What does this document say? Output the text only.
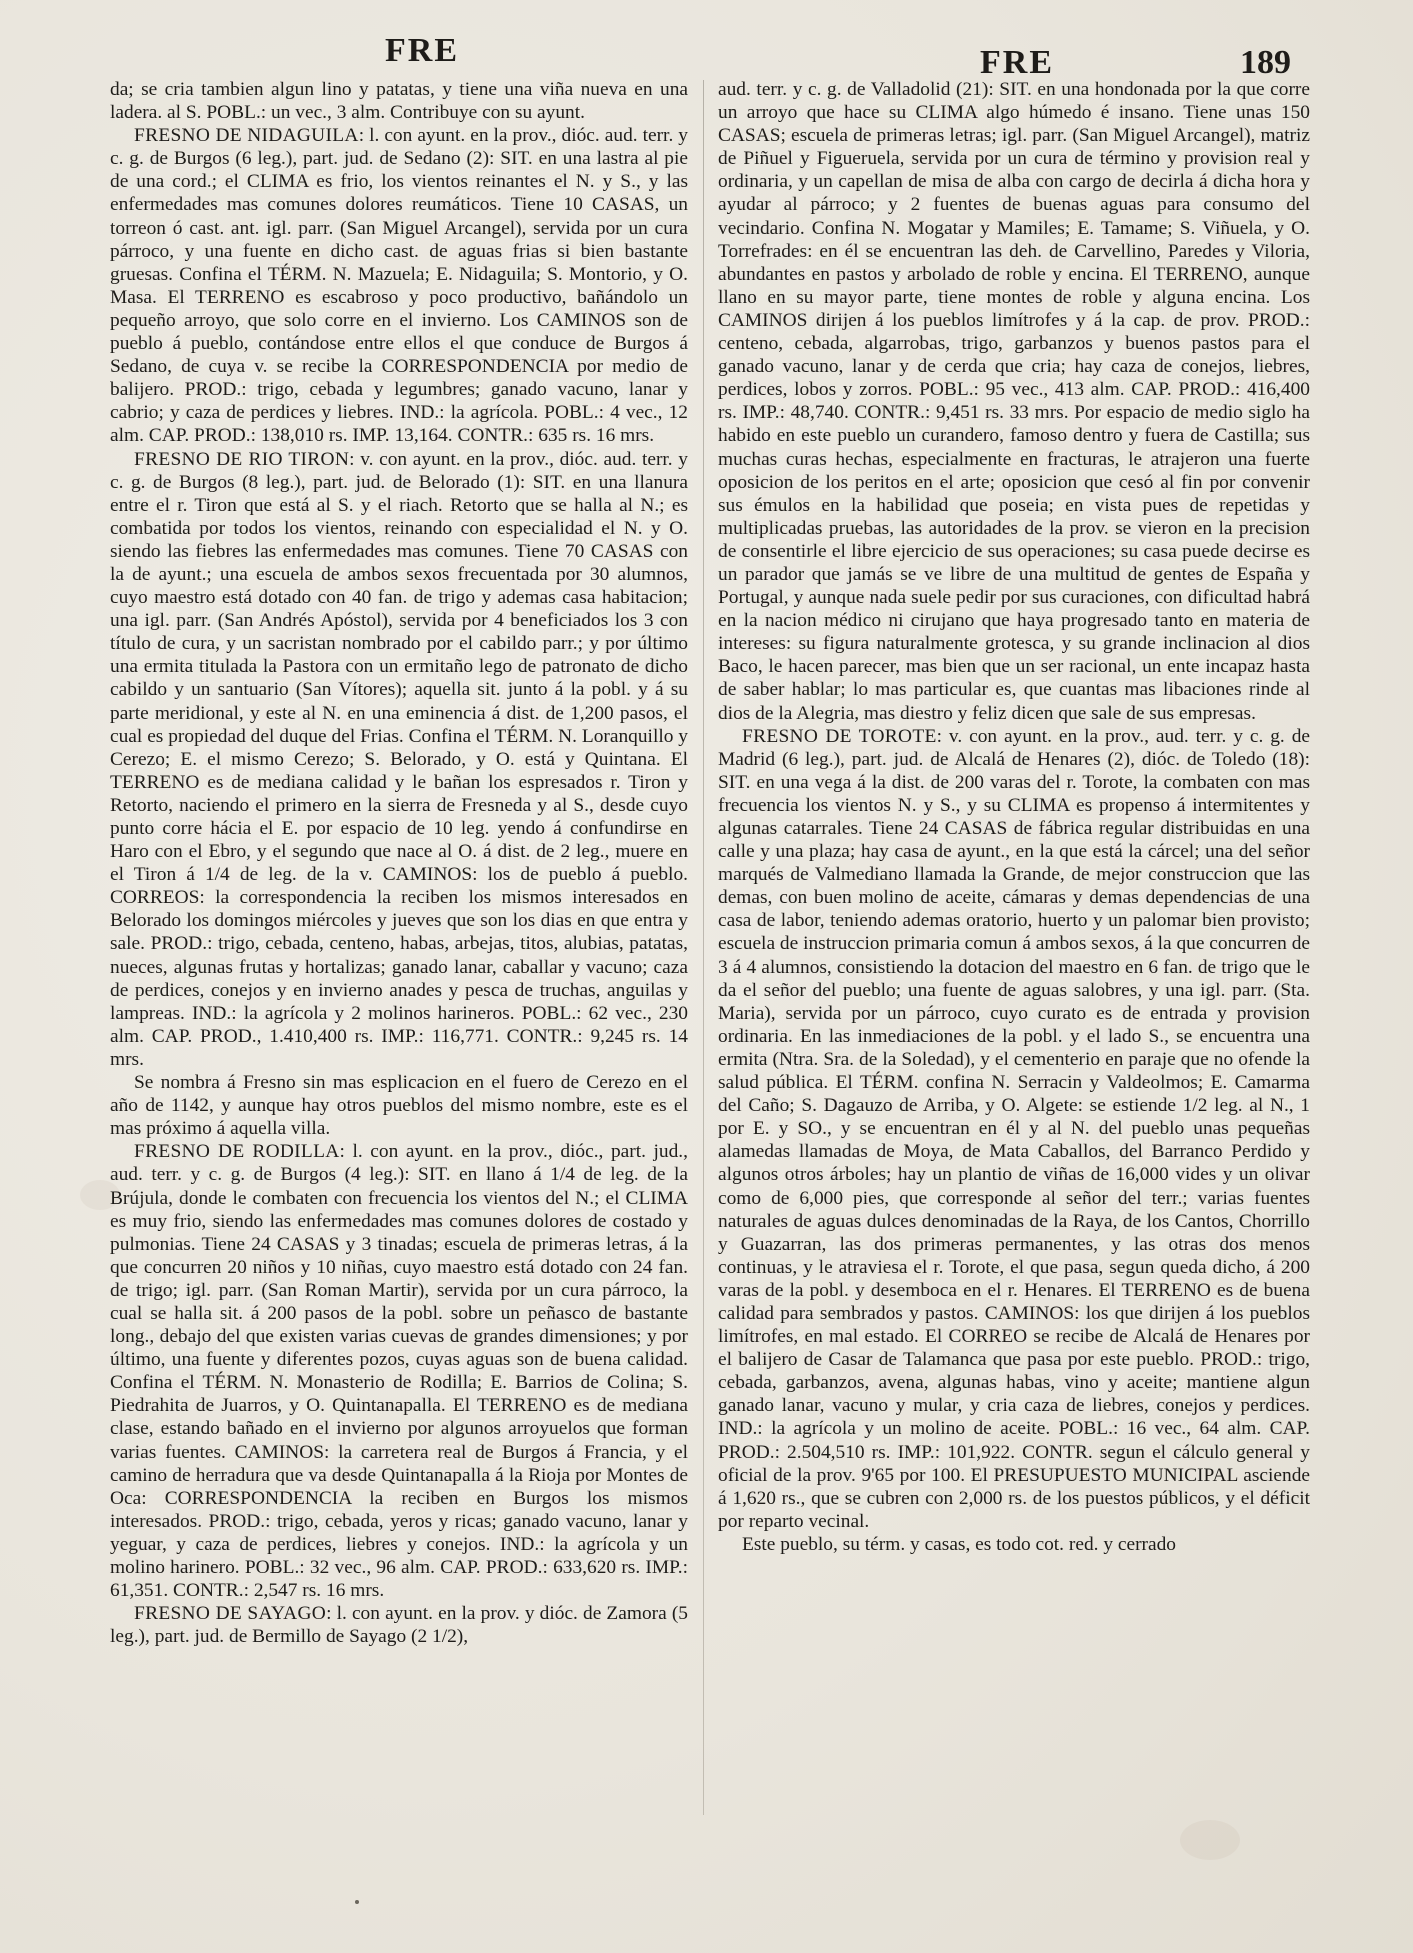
FRE	FRE	189

da; se cria tambien algun lino y patatas, y tiene una viña nueva en una ladera. al S. POBL.: un vec., 3 alm. Contribuye con su ayunt.

FRESNO DE NIDAGUILA: l. con ayunt. en la prov., dióc. aud. terr. y c. g. de Burgos (6 leg.), part. jud. de Sedano (2): SIT. en una lastra al pie de una cord.; el CLIMA es frio, los vientos reinantes el N. y S., y las enfermedades mas comunes dolores reumáticos. Tiene 10 CASAS, un torreon ó cast. ant. igl. parr. (San Miguel Arcangel), servida por un cura párroco, y una fuente en dicho cast. de aguas frias si bien bastante gruesas. Confina el TÉRM. N. Mazuela; E. Nidaguila; S. Montorio, y O. Masa. El TERRENO es escabroso y poco productivo, bañándolo un pequeño arroyo, que solo corre en el invierno. Los CAMINOS son de pueblo á pueblo, contándose entre ellos el que conduce de Burgos á Sedano, de cuya v. se recibe la CORRESPONDENCIA por medio de balijero. PROD.: trigo, cebada y legumbres; ganado vacuno, lanar y cabrio; y caza de perdices y liebres. IND.: la agrícola. POBL.: 4 vec., 12 alm. CAP. PROD.: 138,010 rs. IMP. 13,164. CONTR.: 635 rs. 16 mrs.

FRESNO DE RIO TIRON: v. con ayunt. en la prov., dióc. aud. terr. y c. g. de Burgos (8 leg.), part. jud. de Belorado (1): SIT. en una llanura entre el r. Tiron que está al S. y el riach. Retorto que se halla al N.; es combatida por todos los vientos, reinando con especialidad el N. y O. siendo las fiebres las enfermedades mas comunes. Tiene 70 CASAS con la de ayunt.; una escuela de ambos sexos frecuentada por 30 alumnos, cuyo maestro está dotado con 40 fan. de trigo y ademas casa habitacion; una igl. parr. (San Andrés Apóstol), servida por 4 beneficiados los 3 con título de cura, y un sacristan nombrado por el cabildo parr.; y por último una ermita titulada la Pastora con un ermitaño lego de patronato de dicho cabildo y un santuario (San Vítores); aquella sit. junto á la pobl. y á su parte meridional, y este al N. en una eminencia á dist. de 1,200 pasos, el cual es propiedad del duque del Frias. Confina el TÉRM. N. Loranquillo y Cerezo; E. el mismo Cerezo; S. Belorado, y O. está y Quintana. El TERRENO es de mediana calidad y le bañan los espresados r. Tiron y Retorto, naciendo el primero en la sierra de Fresneda y al S., desde cuyo punto corre hácia el E. por espacio de 10 leg. yendo á confundirse en Haro con el Ebro, y el segundo que nace al O. á dist. de 2 leg., muere en el Tiron á 1/4 de leg. de la v. CAMINOS: los de pueblo á pueblo. CORREOS: la correspondencia la reciben los mismos interesados en Belorado los domingos miércoles y jueves que son los dias en que entra y sale. PROD.: trigo, cebada, centeno, habas, arbejas, titos, alubias, patatas, nueces, algunas frutas y hortalizas; ganado lanar, caballar y vacuno; caza de perdices, conejos y en invierno anades y pesca de truchas, anguilas y lampreas. IND.: la agrícola y 2 molinos harineros. POBL.: 62 vec., 230 alm. CAP. PROD., 1.410,400 rs. IMP.: 116,771. CONTR.: 9,245 rs. 14 mrs.

Se nombra á Fresno sin mas esplicacion en el fuero de Cerezo en el año de 1142, y aunque hay otros pueblos del mismo nombre, este es el mas próximo á aquella villa.

FRESNO DE RODILLA: l. con ayunt. en la prov., dióc., part. jud., aud. terr. y c. g. de Burgos (4 leg.): SIT. en llano á 1/4 de leg. de la Brújula, donde le combaten con frecuencia los vientos del N.; el CLIMA es muy frio, siendo las enfermedades mas comunes dolores de costado y pulmonias. Tiene 24 CASAS y 3 tinadas; escuela de primeras letras, á la que concurren 20 niños y 10 niñas, cuyo maestro está dotado con 24 fan. de trigo; igl. parr. (San Roman Martir), servida por un cura párroco, la cual se halla sit. á 200 pasos de la pobl. sobre un peñasco de bastante long., debajo del que existen varias cuevas de grandes dimensiones; y por último, una fuente y diferentes pozos, cuyas aguas son de buena calidad. Confina el TÉRM. N. Monasterio de Rodilla; E. Barrios de Colina; S. Piedrahita de Juarros, y O. Quintanapalla. El TERRENO es de mediana clase, estando bañado en el invierno por algunos arroyuelos que forman varias fuentes. CAMINOS: la carretera real de Burgos á Francia, y el camino de herradura que va desde Quintanapalla á la Rioja por Montes de Oca: CORRESPONDENCIA la reciben en Burgos los mismos interesados. PROD.: trigo, cebada, yeros y ricas; ganado vacuno, lanar y yeguar, y caza de perdices, liebres y conejos. IND.: la agrícola y un molino harinero. POBL.: 32 vec., 96 alm. CAP. PROD.: 633,620 rs. IMP.: 61,351. CONTR.: 2,547 rs. 16 mrs.

FRESNO DE SAYAGO: l. con ayunt. en la prov. y dióc. de Zamora (5 leg.), part. jud. de Bermillo de Sayago (2 1/2),

aud. terr. y c. g. de Valladolid (21): SIT. en una hondonada por la que corre un arroyo que hace su CLIMA algo húmedo é insano. Tiene unas 150 CASAS; escuela de primeras letras; igl. parr. (San Miguel Arcangel), matriz de Piñuel y Figueruela, servida por un cura de término y provision real y ordinaria, y un capellan de misa de alba con cargo de decirla á dicha hora y ayudar al párroco; y 2 fuentes de buenas aguas para consumo del vecindario. Confina N. Mogatar y Mamiles; E. Tamame; S. Viñuela, y O. Torrefrades: en él se encuentran las deh. de Carvellino, Paredes y Viloria, abundantes en pastos y arbolado de roble y encina. El TERRENO, aunque llano en su mayor parte, tiene montes de roble y alguna encina. Los CAMINOS dirijen á los pueblos limítrofes y á la cap. de prov. PROD.: centeno, cebada, algarrobas, trigo, garbanzos y buenos pastos para el ganado vacuno, lanar y de cerda que cria; hay caza de conejos, liebres, perdices, lobos y zorros. POBL.: 95 vec., 413 alm. CAP. PROD.: 416,400 rs. IMP.: 48,740. CONTR.: 9,451 rs. 33 mrs. Por espacio de medio siglo ha habido en este pueblo un curandero, famoso dentro y fuera de Castilla; sus muchas curas hechas, especialmente en fracturas, le atrajeron una fuerte oposicion de los peritos en el arte; oposicion que cesó al fin por convenir sus émulos en la habilidad que poseia; en vista pues de repetidas y multiplicadas pruebas, las autoridades de la prov. se vieron en la precision de consentirle el libre ejercicio de sus operaciones; su casa puede decirse es un parador que jamás se ve libre de una multitud de gentes de España y Portugal, y aunque nada suele pedir por sus curaciones, con dificultad habrá en la nacion médico ni cirujano que haya progresado tanto en materia de intereses: su figura naturalmente grotesca, y su grande inclinacion al dios Baco, le hacen parecer, mas bien que un ser racional, un ente incapaz hasta de saber hablar; lo mas particular es, que cuantas mas libaciones rinde al dios de la Alegria, mas diestro y feliz dicen que sale de sus empresas.

FRESNO DE TOROTE: v. con ayunt. en la prov., aud. terr. y c. g. de Madrid (6 leg.), part. jud. de Alcalá de Henares (2), dióc. de Toledo (18): SIT. en una vega á la dist. de 200 varas del r. Torote, la combaten con mas frecuencia los vientos N. y S., y su CLIMA es propenso á intermitentes y algunas catarrales. Tiene 24 CASAS de fábrica regular distribuidas en una calle y una plaza; hay casa de ayunt., en la que está la cárcel; una del señor marqués de Valmediano llamada la Grande, de mejor construccion que las demas, con buen molino de aceite, cámaras y demas dependencias de una casa de labor, teniendo ademas oratorio, huerto y un palomar bien provisto; escuela de instruccion primaria comun á ambos sexos, á la que concurren de 3 á 4 alumnos, consistiendo la dotacion del maestro en 6 fan. de trigo que le da el señor del pueblo; una fuente de aguas salobres, y una igl. parr. (Sta. Maria), servida por un párroco, cuyo curato es de entrada y provision ordinaria. En las inmediaciones de la pobl. y el lado S., se encuentra una ermita (Ntra. Sra. de la Soledad), y el cementerio en paraje que no ofende la salud pública. El TÉRM. confina N. Serracin y Valdeolmos; E. Camarma del Caño; S. Dagauzo de Arriba, y O. Algete: se estiende 1/2 leg. al N., 1 por E. y SO., y se encuentran en él y al N. del pueblo unas pequeñas alamedas llamadas de Moya, de Mata Caballos, del Barranco Perdido y algunos otros árboles; hay un plantio de viñas de 16,000 vides y un olivar como de 6,000 pies, que corresponde al señor del terr.; varias fuentes naturales de aguas dulces denominadas de la Raya, de los Cantos, Chorrillo y Guazarran, las dos primeras permanentes, y las otras dos menos continuas, y le atraviesa el r. Torote, el que pasa, segun queda dicho, á 200 varas de la pobl. y desemboca en el r. Henares. El TERRENO es de buena calidad para sembrados y pastos. CAMINOS: los que dirijen á los pueblos limítrofes, en mal estado. El CORREO se recibe de Alcalá de Henares por el balijero de Casar de Talamanca que pasa por este pueblo. PROD.: trigo, cebada, garbanzos, avena, algunas habas, vino y aceite; mantiene algun ganado lanar, vacuno y mular, y cria caza de liebres, conejos y perdices. IND.: la agrícola y un molino de aceite. POBL.: 16 vec., 64 alm. CAP. PROD.: 2.504,510 rs. IMP.: 101,922. CONTR. segun el cálculo general y oficial de la prov. 9'65 por 100. El PRESUPUESTO MUNICIPAL asciende á 1,620 rs., que se cubren con 2,000 rs. de los puestos públicos, y el déficit por reparto vecinal.

Este pueblo, su térm. y casas, es todo cot. red. y cerrado
